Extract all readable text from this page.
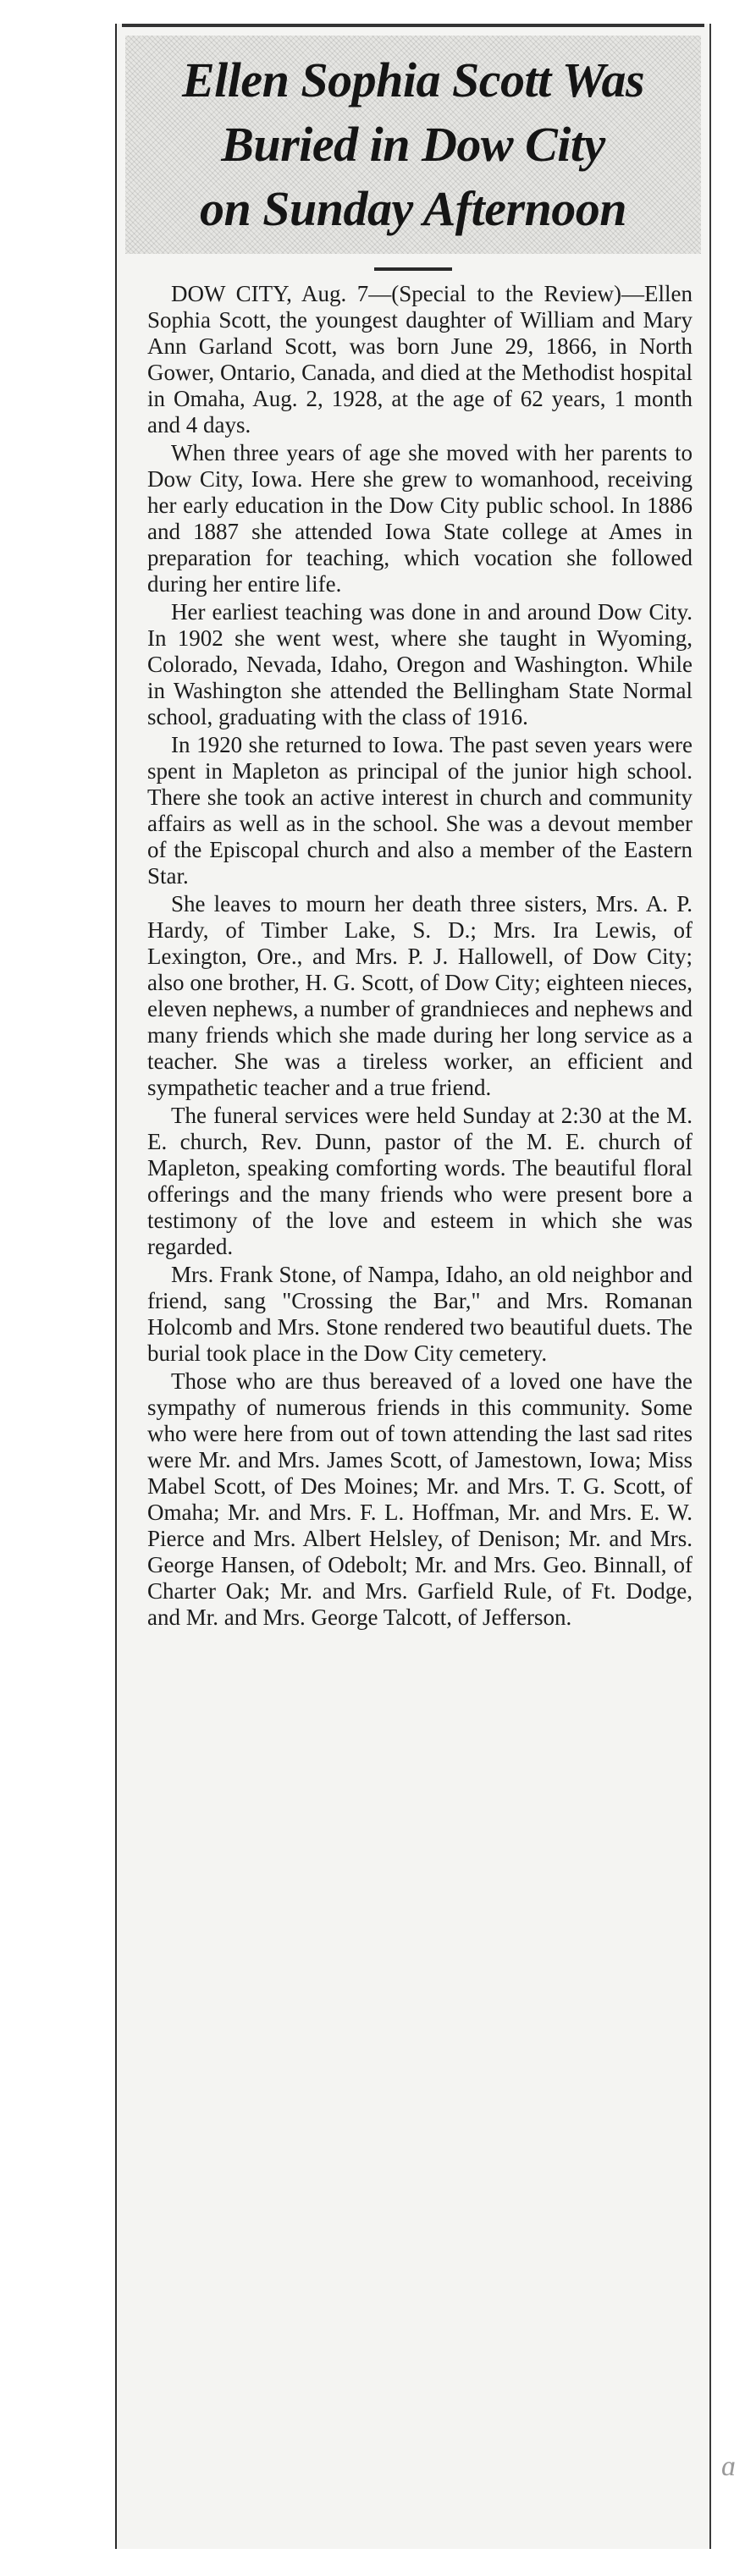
Ellen Sophia Scott Was
Buried in Dow City
on Sunday Afternoon

DOW CITY, Aug. 7—(Special to the Review)—Ellen Sophia Scott, the youngest daughter of William and Mary Ann Garland Scott, was born June 29, 1866, in North Gower, Ontario, Canada, and died at the Methodist hospital in Omaha, Aug. 2, 1928, at the age of 62 years, 1 month and 4 days.

When three years of age she moved with her parents to Dow City, Iowa. Here she grew to womanhood, receiving her early education in the Dow City public school. In 1886 and 1887 she attended Iowa State college at Ames in preparation for teaching, which vocation she followed during her entire life.

Her earliest teaching was done in and around Dow City. In 1902 she went west, where she taught in Wyoming, Colorado, Nevada, Idaho, Oregon and Washington. While in Washington she attended the Bellingham State Normal school, graduating with the class of 1916.

In 1920 she returned to Iowa. The past seven years were spent in Mapleton as principal of the junior high school. There she took an active interest in church and community affairs as well as in the school. She was a devout member of the Episcopal church and also a member of the Eastern Star.

She leaves to mourn her death three sisters, Mrs. A. P. Hardy, of Timber Lake, S. D.; Mrs. Ira Lewis, of Lexington, Ore., and Mrs. P. J. Hallowell, of Dow City; also one brother, H. G. Scott, of Dow City; eighteen nieces, eleven nephews, a number of grandnieces and nephews and many friends which she made during her long service as a teacher. She was a tireless worker, an efficient and sympathetic teacher and a true friend.

The funeral services were held Sunday at 2:30 at the M. E. church, Rev. Dunn, pastor of the M. E. church of Mapleton, speaking comforting words. The beautiful floral offerings and the many friends who were present bore a testimony of the love and esteem in which she was regarded.

Mrs. Frank Stone, of Nampa, Idaho, an old neighbor and friend, sang "Crossing the Bar," and Mrs. Romanan Holcomb and Mrs. Stone rendered two beautiful duets. The burial took place in the Dow City cemetery.

Those who are thus bereaved of a loved one have the sympathy of numerous friends in this community. Some who were here from out of town attending the last sad rites were Mr. and Mrs. James Scott, of Jamestown, Iowa; Miss Mabel Scott, of Des Moines; Mr. and Mrs. T. G. Scott, of Omaha; Mr. and Mrs. F. L. Hoffman, Mr. and Mrs. E. W. Pierce and Mrs. Albert Helsley, of Denison; Mr. and Mrs. George Hansen, of Odebolt; Mr. and Mrs. Geo. Binnall, of Charter Oak; Mr. and Mrs. Garfield Rule, of Ft. Dodge, and Mr. and Mrs. George Talcott, of Jefferson.

ɑ
